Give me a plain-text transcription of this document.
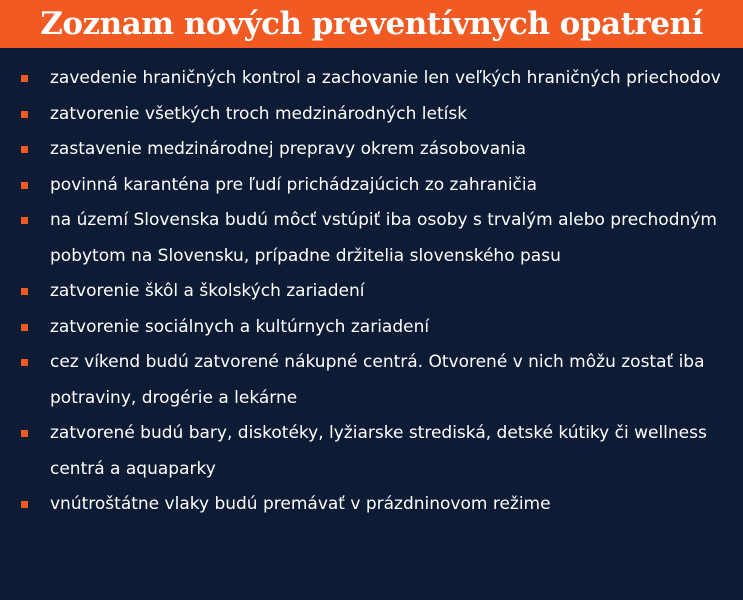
Zoznam nových preventívnych opatrení
zavedenie hraničných kontrol a zachovanie len veľkých hraničných priechodov
zatvorenie všetkých troch medzinárodných letísk
zastavenie medzinárodnej prepravy okrem zásobovania
povinná karanténa pre ľudí prichádzajúcich zo zahraničia
na území Slovenska budú môcť vstúpiť iba osoby s trvalým alebo prechodným pobytom na Slovensku, prípadne držitelia slovenského pasu
zatvorenie škôl a školských zariadení
zatvorenie sociálnych a kultúrnych zariadení
cez víkend budú zatvorené nákupné centrá. Otvorené v nich môžu zostať iba potraviny, drogérie a lekárne
zatvorené budú bary, diskotéky, lyžiarske strediská, detské kútiky či wellness centrá a aquaparky
vnútroštátne vlaky budú premávať v prázdninovom režime
